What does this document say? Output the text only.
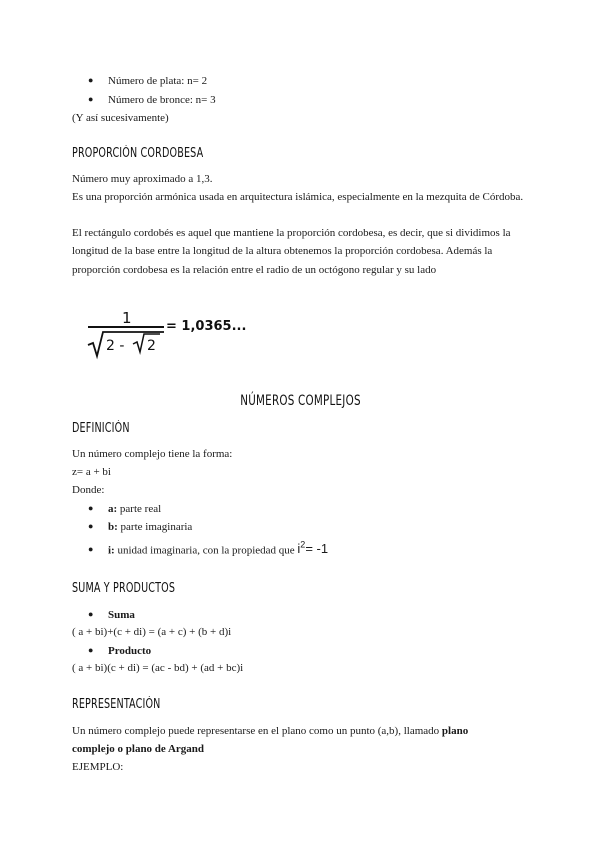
● Número de plata: n= 2
● Número de bronce: n= 3

(Y así sucesivamente)

PROPORCIÓN CORDOBESA

Número muy aproximado a 1,3.

Es una proporción armónica usada en arquitectura islámica, especialmente en la mezquita de Córdoba.

El rectángulo cordobés es aquel que mantiene la proporción cordobesa, es decir, que si dividimos la longitud de la base entre la longitud de la altura obtenemos la proporción cordobesa. Además la proporción cordobesa es la relación entre el radio de un octógono regular y su lado

1
2 - 2
= 1,0365...
NÚMEROS COMPLEJOS
DEFINICIÓN

Un número complejo tiene la forma:

z= a + bi

Donde:

● a: parte real
● b: parte imaginaria
● i: unidad imaginaria, con la propiedad que $i^2= -1$
SUMA Y PRODUCTOS
● Suma

( a + bi)+(c + di) = (a + c) + (b + d)i

● Producto

( a + bi)(c + di) = (ac - bd) + (ad + bc)i

REPRESENTACIÓN

Un número complejo puede representarse en el plano como un punto (a,b), llamado plano

complejo o plano de Argand

EJEMPLO:
